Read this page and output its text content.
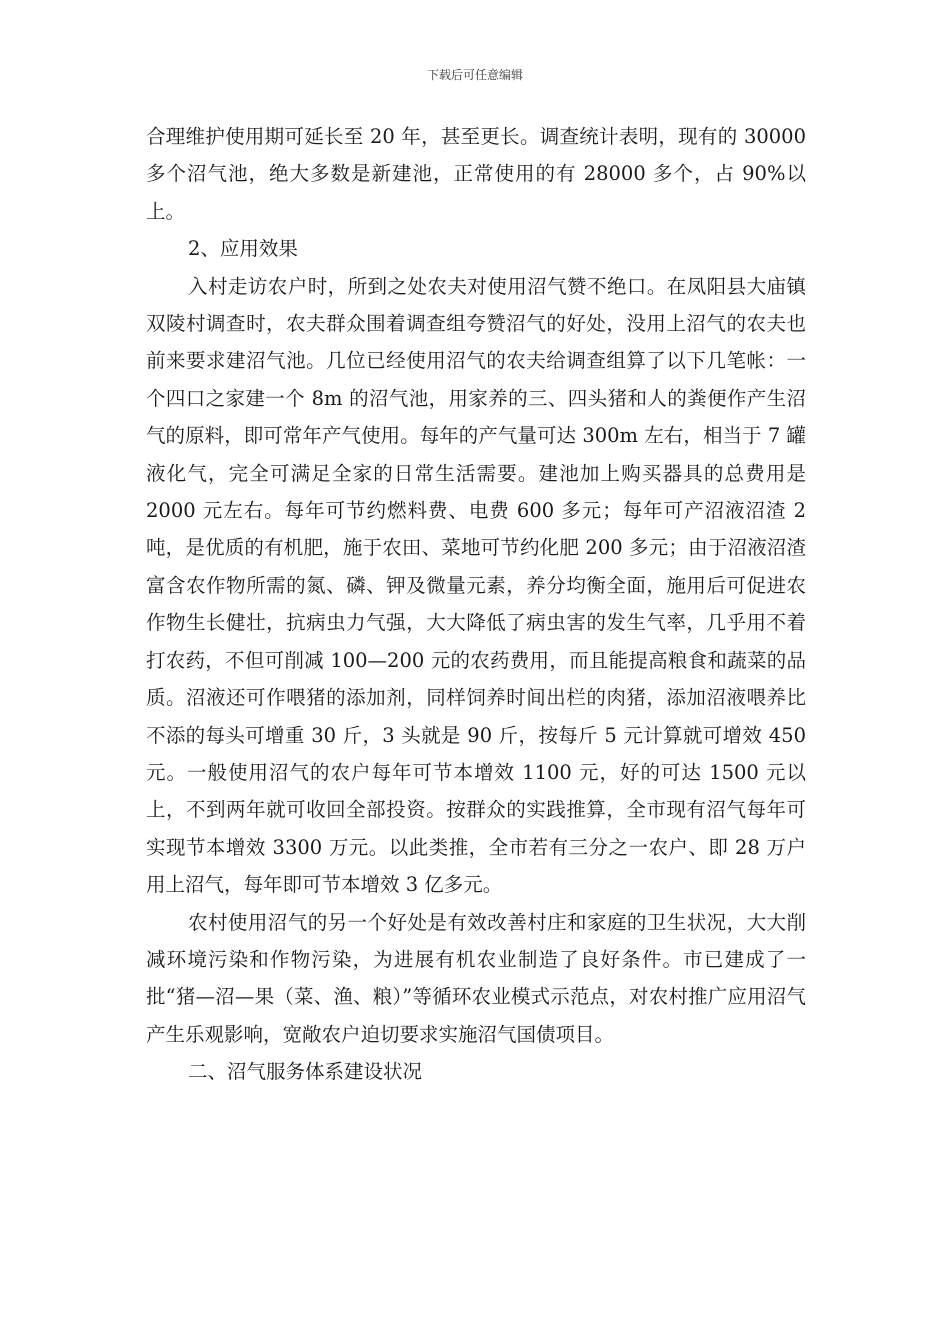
下载后可任意编辑

合理维护使用期可延长至 20 年，甚至更长。调查统计表明，现有的 30000 多个沼气池，绝大多数是新建池，正常使用的有 28000 多个，占 90%以上。

2、应用效果

入村走访农户时，所到之处农夫对使用沼气赞不绝口。在凤阳县大庙镇双陵村调查时，农夫群众围着调查组夸赞沼气的好处，没用上沼气的农夫也前来要求建沼气池。几位已经使用沼气的农夫给调查组算了以下几笔帐：一个四口之家建一个 8m 的沼气池，用家养的三、四头猪和人的粪便作产生沼气的原料，即可常年产气使用。每年的产气量可达 300m 左右，相当于 7 罐液化气，完全可满足全家的日常生活需要。建池加上购买器具的总费用是 2000 元左右。每年可节约燃料费、电费 600 多元；每年可产沼液沼渣 2 吨，是优质的有机肥，施于农田、菜地可节约化肥 200 多元；由于沼液沼渣富含农作物所需的氮、磷、钾及微量元素，养分均衡全面，施用后可促进农作物生长健壮，抗病虫力气强，大大降低了病虫害的发生气率，几乎用不着打农药，不但可削减 100—200 元的农药费用，而且能提高粮食和蔬菜的品质。沼液还可作喂猪的添加剂，同样饲养时间出栏的肉猪，添加沼液喂养比不添的每头可增重 30 斤，3 头就是 90 斤，按每斤 5 元计算就可增效 450 元。一般使用沼气的农户每年可节本增效 1100 元，好的可达 1500 元以上，不到两年就可收回全部投资。按群众的实践推算，全市现有沼气每年可实现节本增效 3300 万元。以此类推，全市若有三分之一农户、即 28 万户用上沼气，每年即可节本增效 3 亿多元。

农村使用沼气的另一个好处是有效改善村庄和家庭的卫生状况，大大削减环境污染和作物污染，为进展有机农业制造了良好条件。市已建成了一批“猪—沼—果（菜、渔、粮）”等循环农业模式示范点，对农村推广应用沼气产生乐观影响，宽敞农户迫切要求实施沼气国债项目。

二、沼气服务体系建设状况
